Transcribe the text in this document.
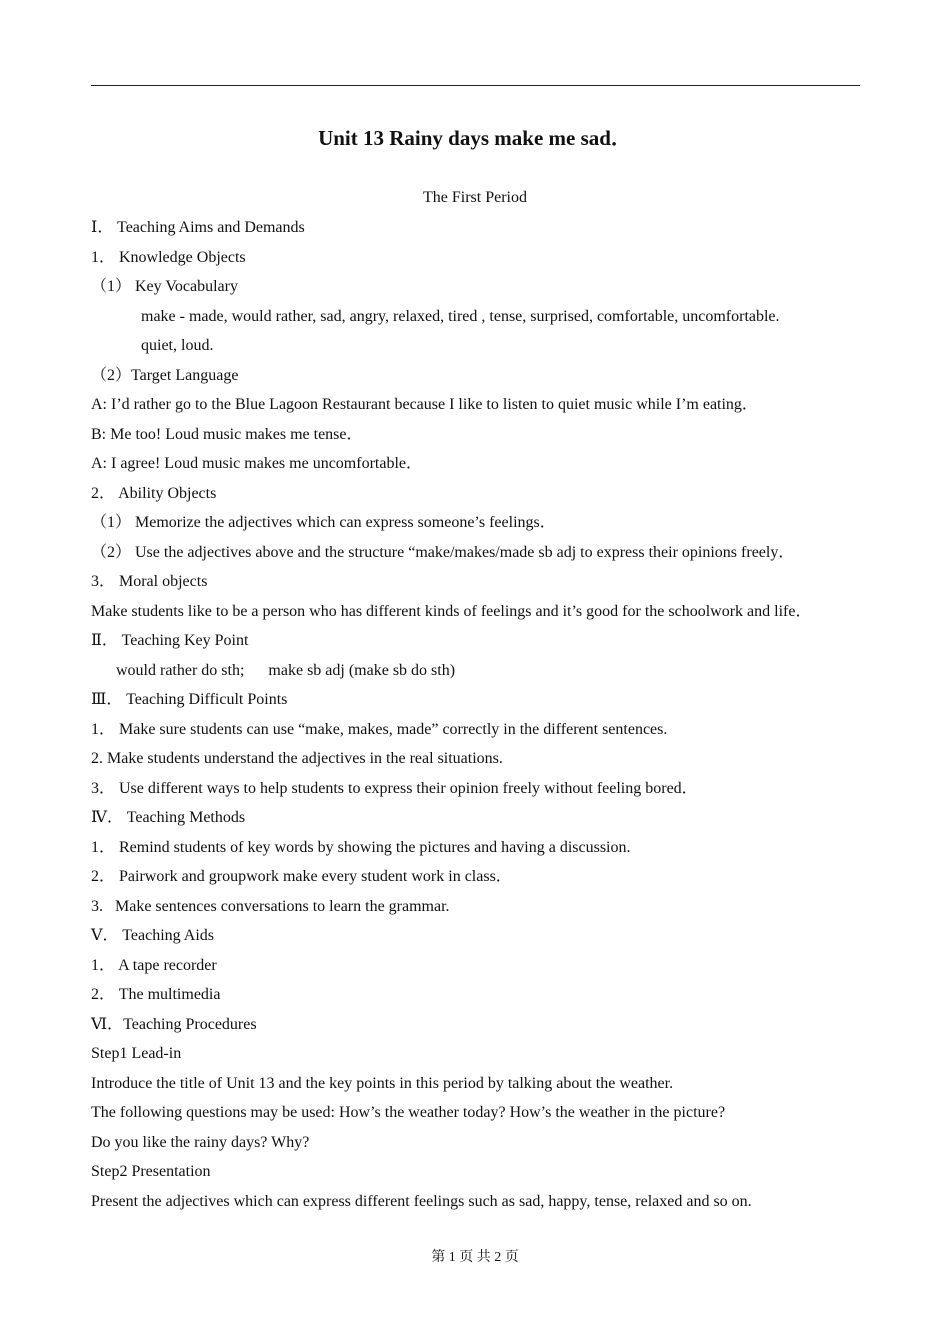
Unit 13 Rainy days make me sad．
The First Period
Ⅰ． Teaching Aims and Demands
1． Knowledge Objects
（1） Key Vocabulary
make - made, would rather, sad, angry, relaxed, tired , tense, surprised, comfortable, uncomfortable.
quiet, loud.
（2）Target Language
A: I’d rather go to the Blue Lagoon Restaurant because I like to listen to quiet music while I’m eating．
B: Me too! Loud music makes me tense．
A: I agree! Loud music makes me uncomfortable．
2． Ability Objects
（1） Memorize the adjectives which can express someone’s feelings．
（2） Use the adjectives above and the structure “make/makes/made sb adj to express their opinions freely．
3． Moral objects
Make students like to be a person who has different kinds of feelings and it’s good for the schoolwork and life．
Ⅱ． Teaching Key Point
would rather do sth;      make sb adj (make sb do sth)
Ⅲ． Teaching Difficult Points
1． Make sure students can use “make, makes, made” correctly in the different sentences.
2. Make students understand the adjectives in the real situations.
3． Use different ways to help students to express their opinion freely without feeling bored．
Ⅳ． Teaching Methods
1． Remind students of key words by showing the pictures and having a discussion.
2． Pairwork and groupwork make every student work in class．
3.   Make sentences conversations to learn the grammar.
Ⅴ． Teaching Aids
1． A tape recorder
2． The multimedia
Ⅵ．Teaching Procedures
Step1 Lead-in
Introduce the title of Unit 13 and the key points in this period by talking about the weather.
The following questions may be used: How’s the weather today? How’s the weather in the picture?
Do you like the rainy days? Why?
Step2 Presentation
Present the adjectives which can express different feelings such as sad, happy, tense, relaxed and so on.
第 1 页 共 2 页
